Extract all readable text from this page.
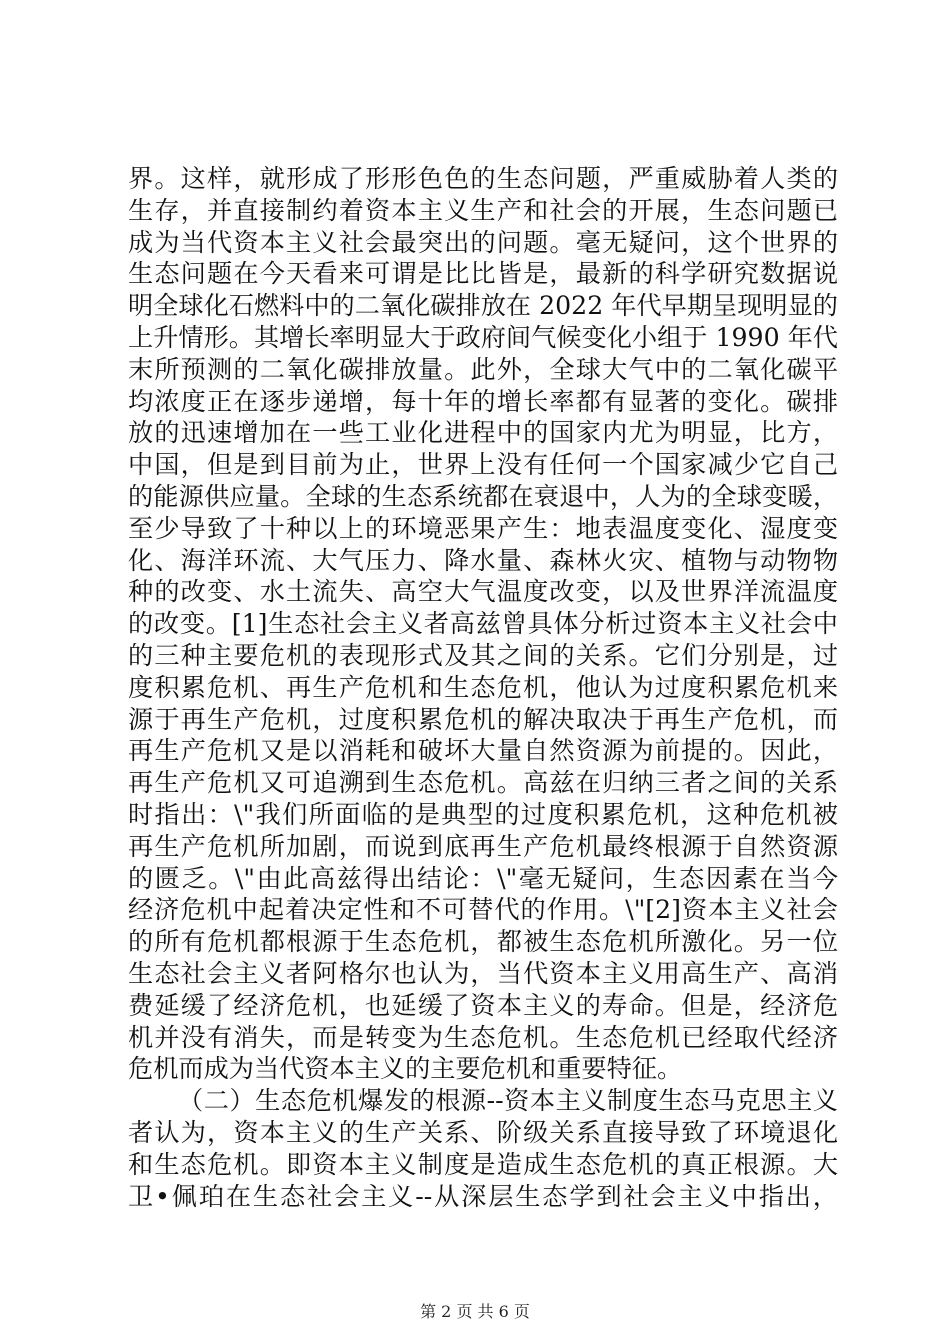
界。这样，就形成了形形色色的生态问题，严重威胁着人类的
生存，并直接制约着资本主义生产和社会的开展，生态问题已
成为当代资本主义社会最突出的问题。毫无疑问，这个世界的
生态问题在今天看来可谓是比比皆是，最新的科学研究数据说
明全球化石燃料中的二氧化碳排放在 2022 年代早期呈现明显的
上升情形。其增长率明显大于政府间气候变化小组于 1990 年代
末所预测的二氧化碳排放量。此外，全球大气中的二氧化碳平
均浓度正在逐步递增，每十年的增长率都有显著的变化。碳排
放的迅速增加在一些工业化进程中的国家内尤为明显，比方，
中国，但是到目前为止，世界上没有任何一个国家减少它自己
的能源供应量。全球的生态系统都在衰退中，人为的全球变暖，
至少导致了十种以上的环境恶果产生：地表温度变化、湿度变
化、海洋环流、大气压力、降水量、森林火灾、植物与动物物
种的改变、水土流失、高空大气温度改变，以及世界洋流温度
的改变。[1]生态社会主义者高兹曾具体分析过资本主义社会中
的三种主要危机的表现形式及其之间的关系。它们分别是，过
度积累危机、再生产危机和生态危机，他认为过度积累危机来
源于再生产危机，过度积累危机的解决取决于再生产危机，而
再生产危机又是以消耗和破坏大量自然资源为前提的。因此，
再生产危机又可追溯到生态危机。高兹在归纳三者之间的关系
时指出：\"我们所面临的是典型的过度积累危机，这种危机被
再生产危机所加剧，而说到底再生产危机最终根源于自然资源
的匮乏。\"由此高兹得出结论：\"毫无疑问，生态因素在当今
经济危机中起着决定性和不可替代的作用。\"[2]资本主义社会
的所有危机都根源于生态危机，都被生态危机所激化。另一位
生态社会主义者阿格尔也认为，当代资本主义用高生产、高消
费延缓了经济危机，也延缓了资本主义的寿命。但是，经济危
机并没有消失，而是转变为生态危机。生态危机已经取代经济
危机而成为当代资本主义的主要危机和重要特征。
（二）生态危机爆发的根源--资本主义制度生态马克思主义
者认为，资本主义的生产关系、阶级关系直接导致了环境退化
和生态危机。即资本主义制度是造成生态危机的真正根源。大
卫•佩珀在生态社会主义--从深层生态学到社会主义中指出，
第 2 页 共 6 页
